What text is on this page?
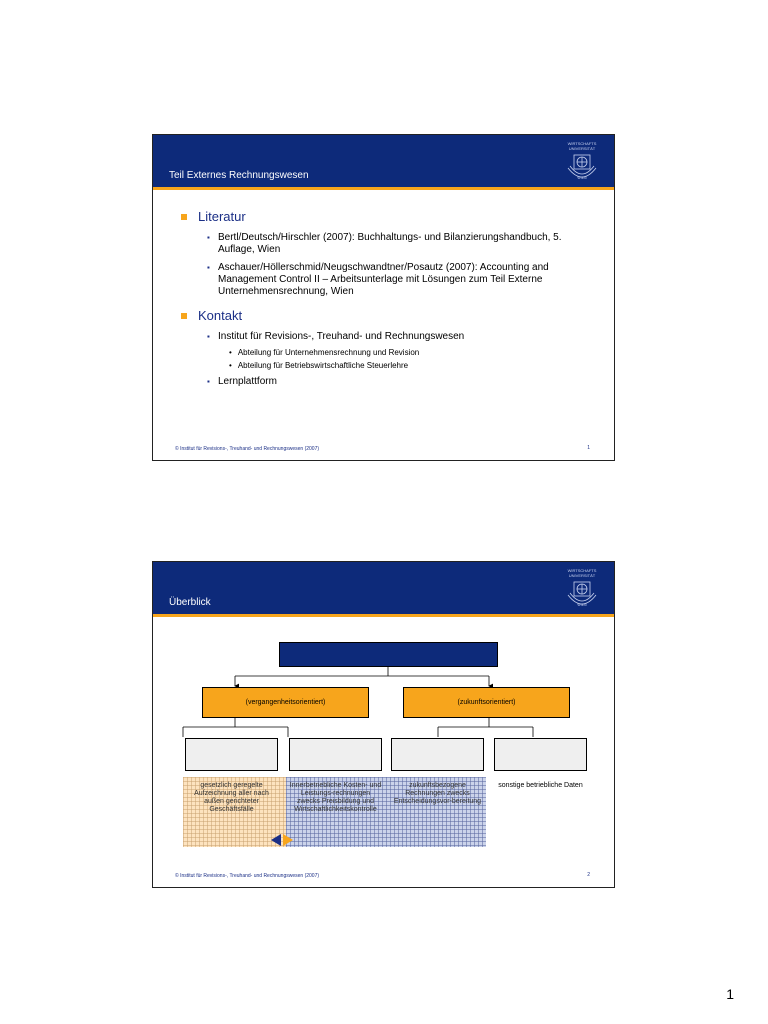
Teil Externes Rechnungswesen
WIRTSCHAFTS
UNIVERSITÄT
WIEN
Literatur
▪ Bertl/Deutsch/Hirschler (2007): Buchhaltungs- und Bilanzierungshandbuch, 5. Auflage, Wien
▪ Aschauer/Höllerschmid/Neugschwandtner/Posautz (2007): Accounting and Management Control II – Arbeitsunterlage mit Lösungen zum Teil Externe Unternehmensrechnung, Wien
Kontakt
▪ Institut für Revisions-, Treuhand- und Rechnungswesen
• Abteilung für Unternehmensrechnung und Revision
• Abteilung für Betriebswirtschaftliche Steuerlehre
▪ Lernplattform
© Institut für Revisions-, Treuhand- und Rechnungswesen (2007)	1
Überblick
WIRTSCHAFTS
UNIVERSITÄT
WIEN
(vergangenheitsorientiert)	(zukunftsorientiert)
gesetzlich geregelte Aufzeichnung aller nach außen gerichteter Geschäftsfälle
Innerbetriebliche Kosten- und Leistungs-rechnungen zwecks Preisbildung und Wirtschaftlichkeitskontrolle
zukunftsbezogene Rechnungen zwecks Entscheidungsvor-bereitung
sonstige betriebliche Daten
© Institut für Revisions-, Treuhand- und Rechnungswesen (2007)	2
1
